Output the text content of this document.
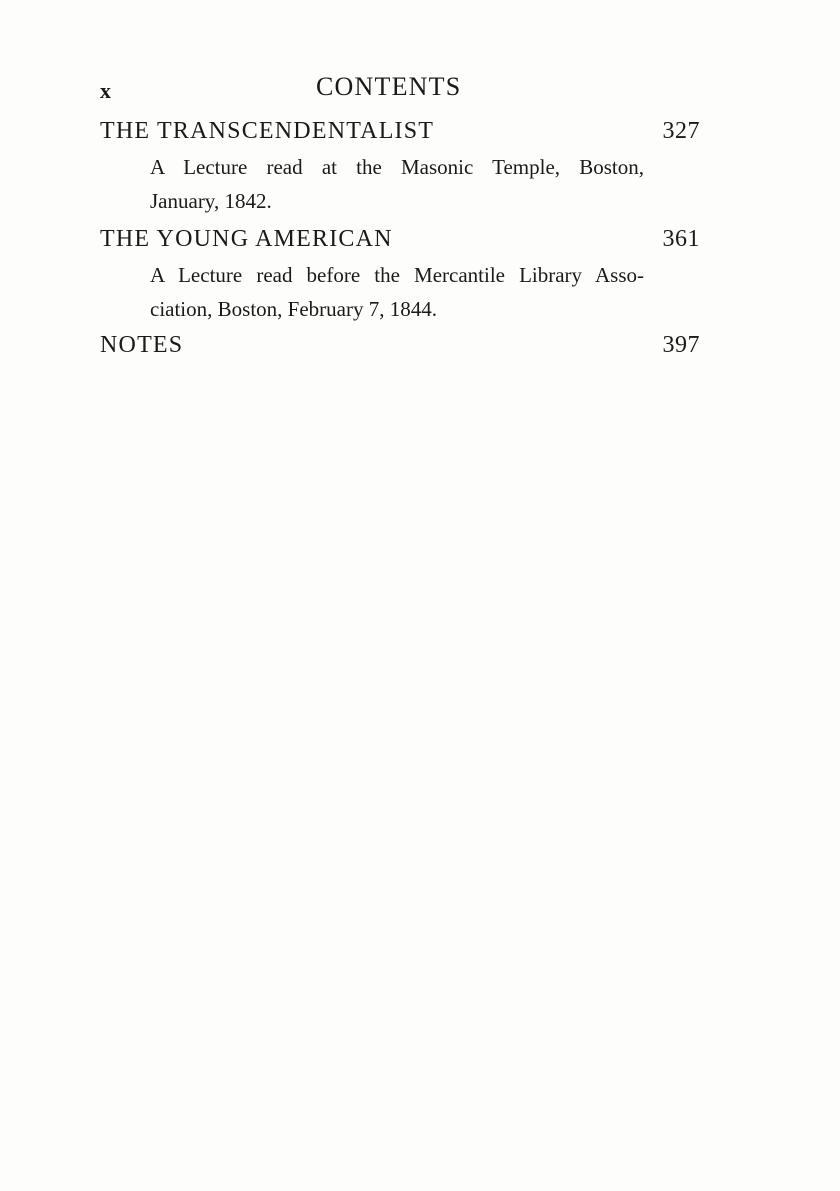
x	CONTENTS
THE TRANSCENDENTALIST	327
A Lecture read at the Masonic Temple, Boston,
January, 1842.
THE YOUNG AMERICAN	361
A Lecture read before the Mercantile Library Asso-
ciation, Boston, February 7, 1844.
NOTES	397
